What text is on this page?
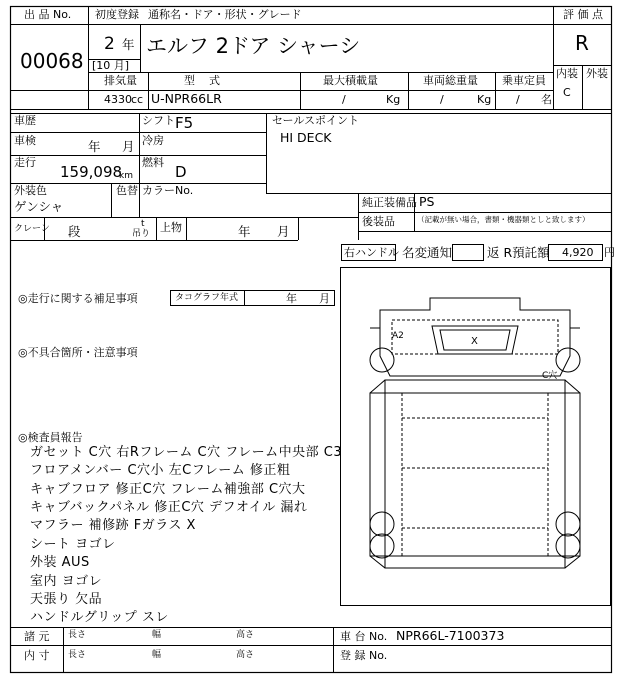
出 品 No.
00068
初度登録
2 年
[10 月]
通称名・ドア・形状・グレード
エルフ 2ドア シャーシ
評 価 点
R
内装 外装
C
排気量
4330 cc
型    式
U-NPR66LR
最大積載量
/	Kg
車両総重量
/	Kg
乗車定員
/ 名
車歴	シフト F5
車検	年 月 冷房
走行
159,098
km
燃料
D
外装色
ゲンシャ
色替 カラーNo.
セールスポイント
HI DECK
純正装備品 PS
後装品	（記載が無い場合，書類・機器類としと致します）
クレーン 段	t
吊り 上物	年 月
右ハンドル 名変通知	返 R預託額 4,920 円
◎走行に関する補足事項	タコグラフ年式	年 月
◎不具合箇所・注意事項
◎検査員報告
ガセット C穴 右Rフレーム C穴 フレーム中央部 C3
フロアメンバー C穴小 左Cフレーム 修正粗
キャブフロア 修正C穴 フレーム補強部 C穴大
キャブバックパネル 修正C穴 デフオイル 漏れ
マフラー 補修跡 Fガラス X
シート ヨゴレ
外装 AUS
室内 ヨゴレ
天張り 欠品
ハンドルグリップ スレ
A2	X
C穴
諸 元
内 寸
長さ	幅	高さ
長さ	幅	高さ
車 台 No. NPR66L-7100373
登 録 No.
